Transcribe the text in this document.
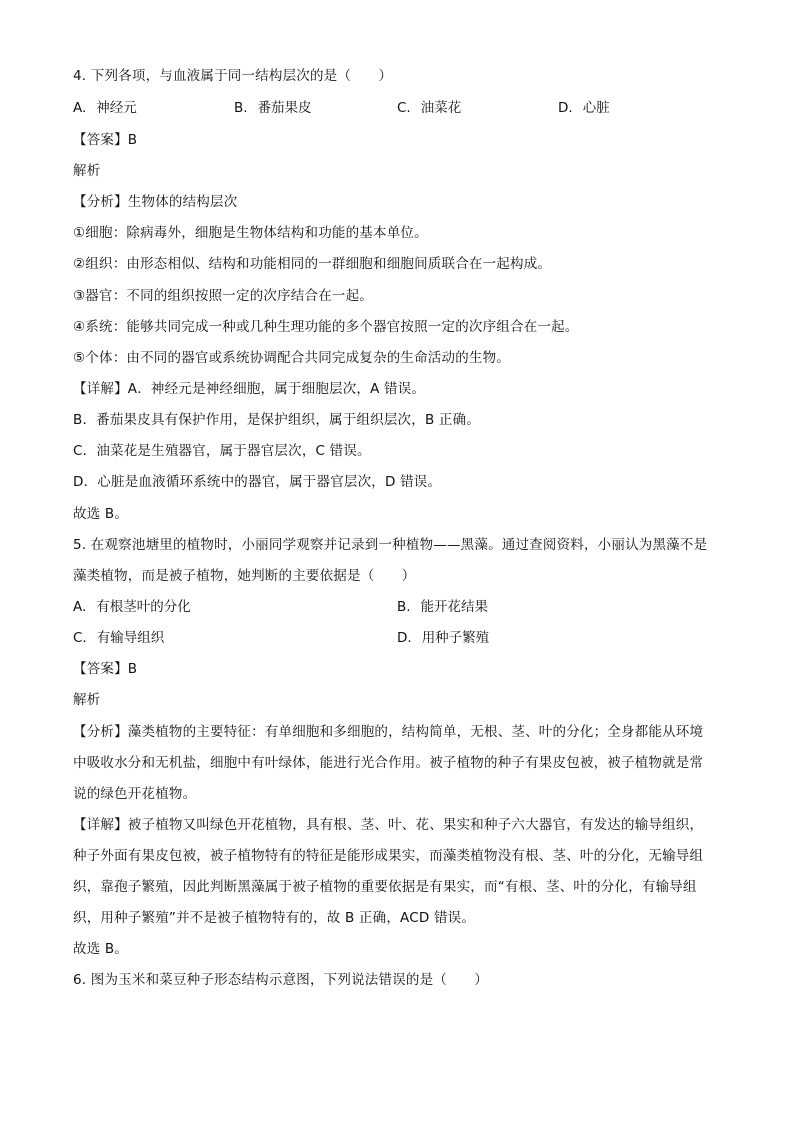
4. 下列各项，与血液属于同一结构层次的是（　　）
A. 神经元	B. 番茄果皮	C. 油菜花	D. 心脏
【答案】B
解析
【分析】生物体的结构层次
①细胞：除病毒外，细胞是生物体结构和功能的基本单位。
②组织：由形态相似、结构和功能相同的一群细胞和细胞间质联合在一起构成。
③器官：不同的组织按照一定的次序结合在一起。
④系统：能够共同完成一种或几种生理功能的多个器官按照一定的次序组合在一起。
⑤个体：由不同的器官或系统协调配合共同完成复杂的生命活动的生物。
【详解】A．神经元是神经细胞，属于细胞层次，A 错误。
B．番茄果皮具有保护作用，是保护组织，属于组织层次，B 正确。
C．油菜花是生殖器官，属于器官层次，C 错误。
D．心脏是血液循环系统中的器官，属于器官层次，D 错误。
故选 B。
5. 在观察池塘里的植物时，小丽同学观察并记录到一种植物——黑藻。通过查阅资料，小丽认为黑藻不是
藻类植物，而是被子植物，她判断的主要依据是（　　）
A. 有根茎叶的分化	B. 能开花结果
C. 有输导组织	D. 用种子繁殖
【答案】B
解析
【分析】藻类植物的主要特征：有单细胞和多细胞的，结构简单，无根、茎、叶的分化；全身都能从环境
中吸收水分和无机盐，细胞中有叶绿体，能进行光合作用。被子植物的种子有果皮包被，被子植物就是常
说的绿色开花植物。
【详解】被子植物又叫绿色开花植物，具有根、茎、叶、花、果实和种子六大器官，有发达的输导组织，
种子外面有果皮包被，被子植物特有的特征是能形成果实，而藻类植物没有根、茎、叶的分化，无输导组
织，靠孢子繁殖，因此判断黑藻属于被子植物的重要依据是有果实，而“有根、茎、叶的分化，有输导组
织，用种子繁殖”并不是被子植物特有的，故 B 正确，ACD 错误。
故选 B。
6. 图为玉米和菜豆种子形态结构示意图，下列说法错误的是（　　）
